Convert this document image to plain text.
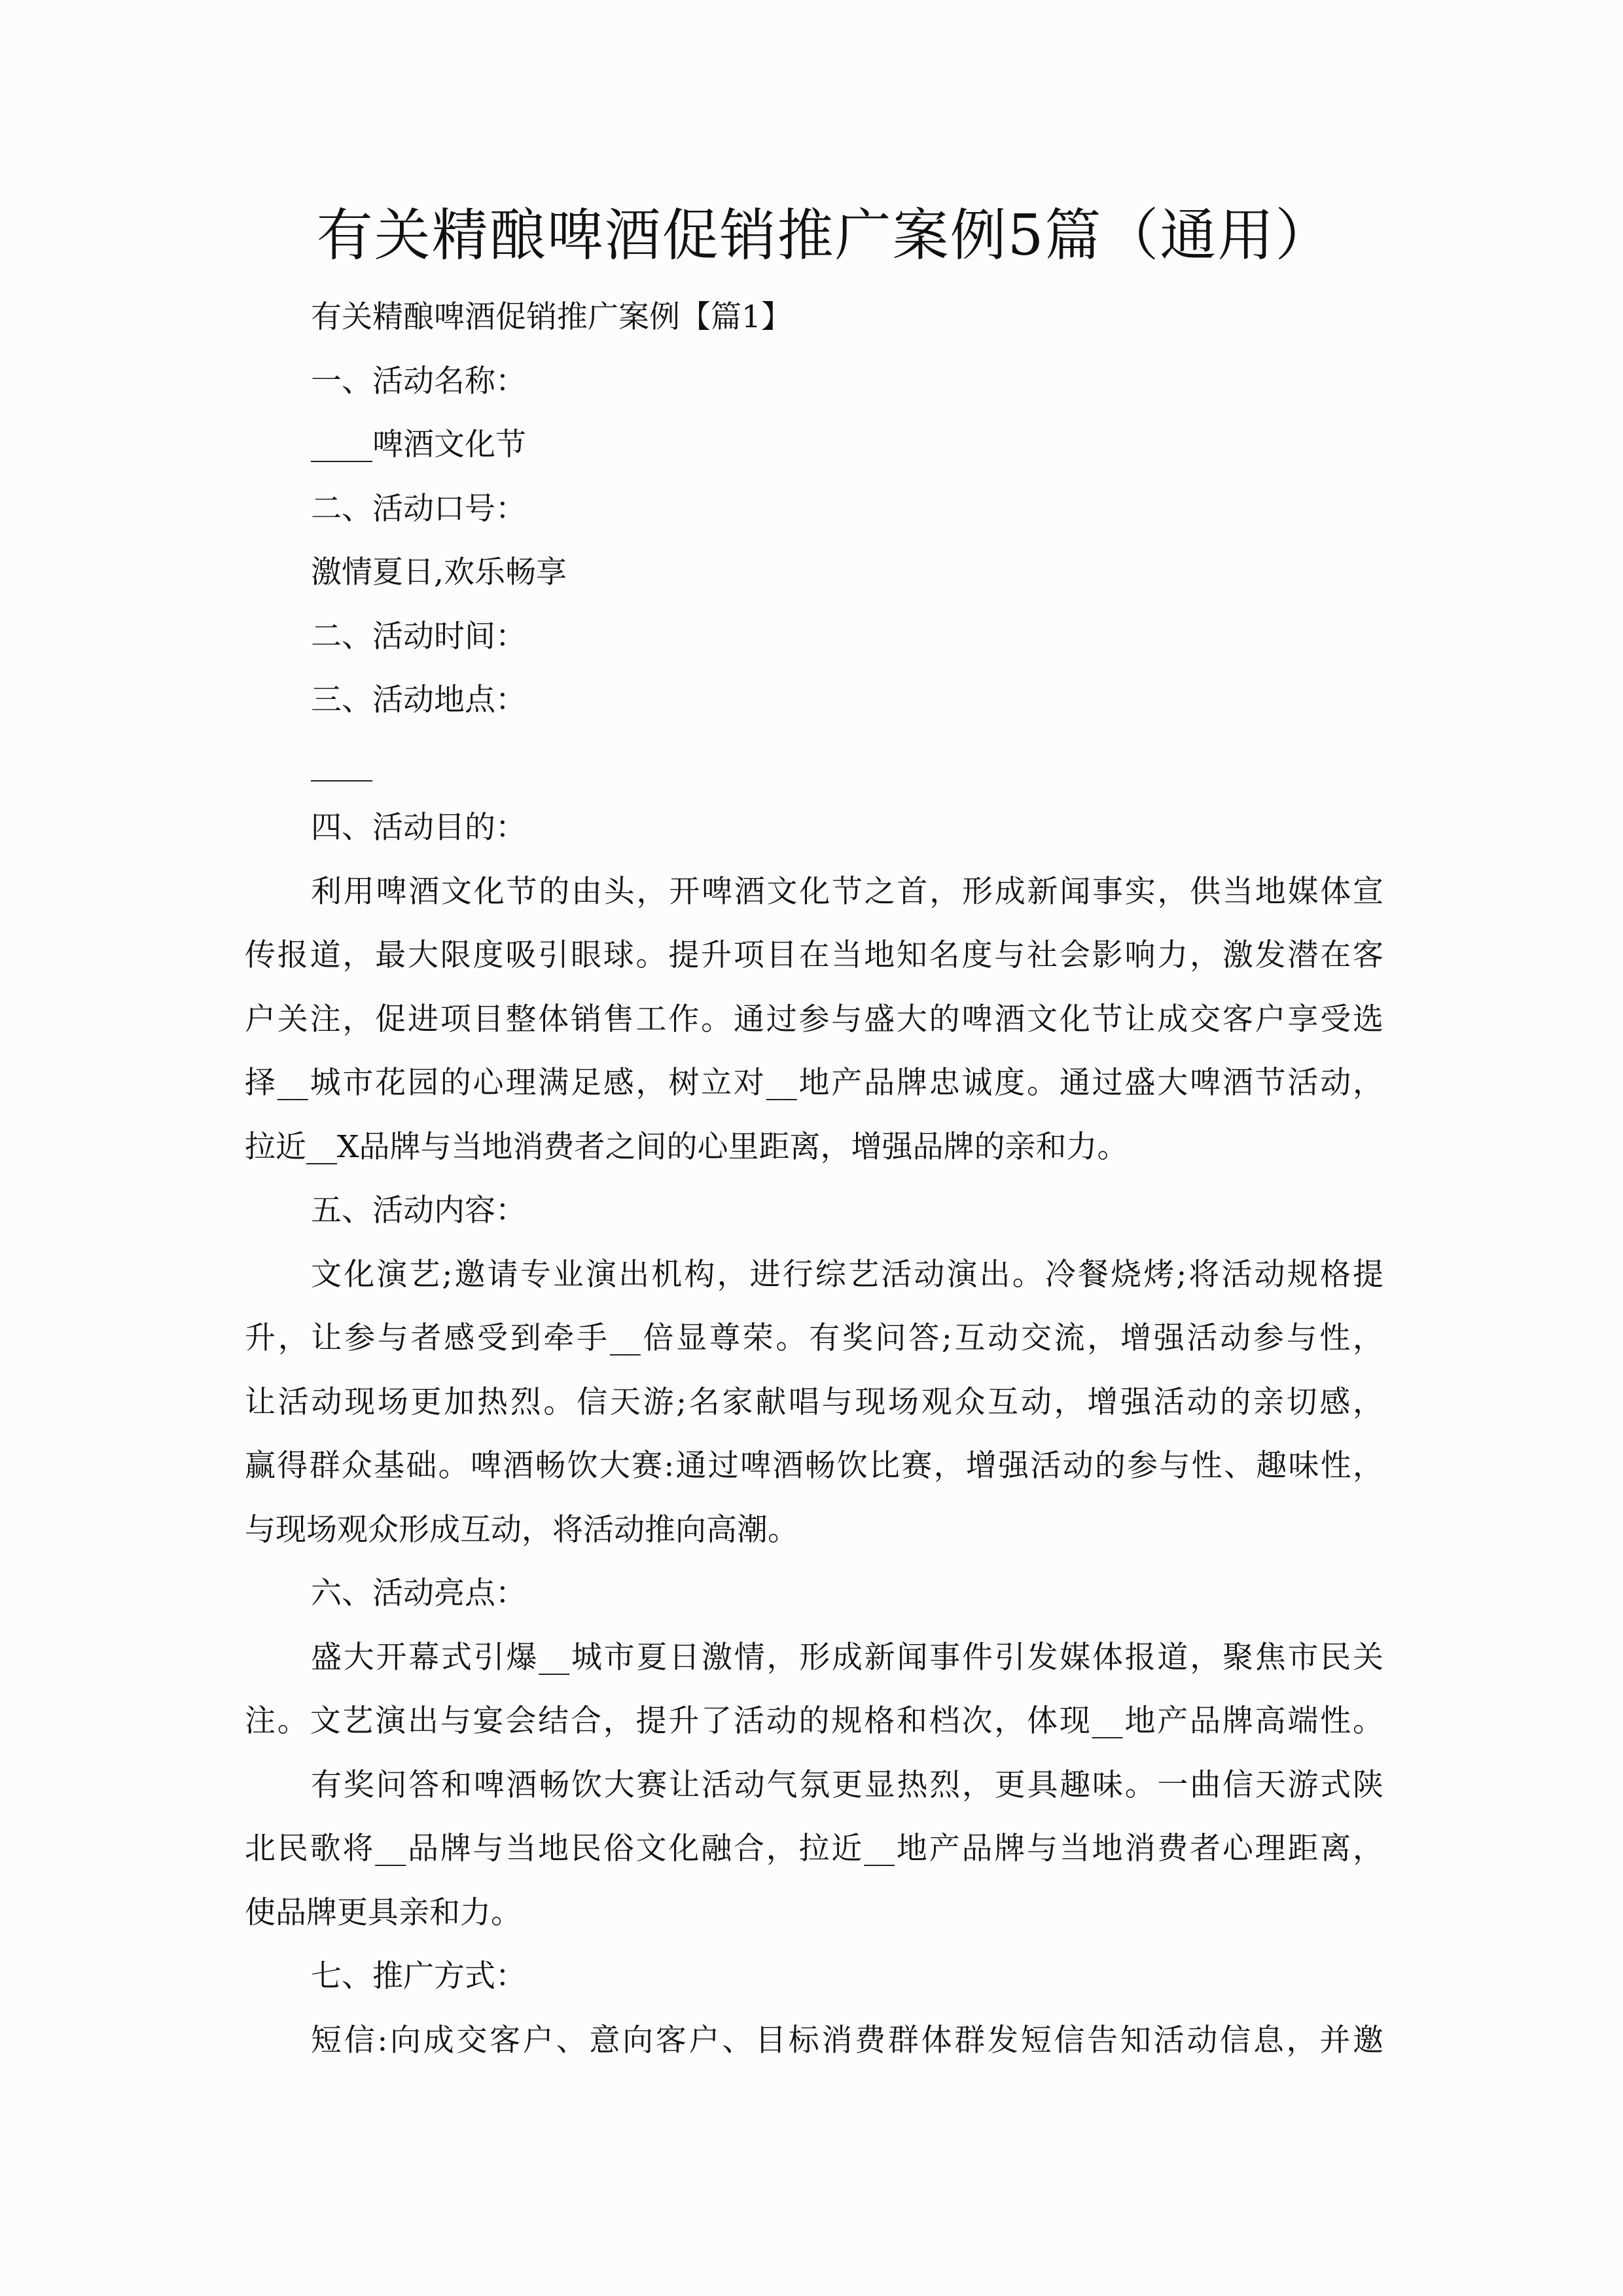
有关精酿啤酒促销推广案例5篇（通用）

有关精酿啤酒促销推广案例【篇1】

一、活动名称：

____啤酒文化节

二、活动口号：

激情夏日,欢乐畅享

二、活动时间：

三、活动地点：

____

四、活动目的：

利用啤酒文化节的由头，开啤酒文化节之首，形成新闻事实，供当地媒体宣

传报道，最大限度吸引眼球。提升项目在当地知名度与社会影响力，激发潜在客

户关注，促进项目整体销售工作。通过参与盛大的啤酒文化节让成交客户享受选

择__城市花园的心理满足感，树立对__地产品牌忠诚度。通过盛大啤酒节活动，

拉近__X品牌与当地消费者之间的心里距离，增强品牌的亲和力。

五、活动内容：

文化演艺;邀请专业演出机构，进行综艺活动演出。冷餐烧烤;将活动规格提

升，让参与者感受到牵手__倍显尊荣。有奖问答;互动交流，增强活动参与性，

让活动现场更加热烈。信天游;名家献唱与现场观众互动，增强活动的亲切感，

赢得群众基础。啤酒畅饮大赛:通过啤酒畅饮比赛，增强活动的参与性、趣味性，

与现场观众形成互动，将活动推向高潮。

六、活动亮点：

盛大开幕式引爆__城市夏日激情，形成新闻事件引发媒体报道，聚焦市民关

注。文艺演出与宴会结合，提升了活动的规格和档次，体现__地产品牌高端性。

有奖问答和啤酒畅饮大赛让活动气氛更显热烈，更具趣味。一曲信天游式陕

北民歌将__品牌与当地民俗文化融合，拉近__地产品牌与当地消费者心理距离，

使品牌更具亲和力。

七、推广方式：

短信:向成交客户、意向客户、目标消费群体群发短信告知活动信息，并邀
